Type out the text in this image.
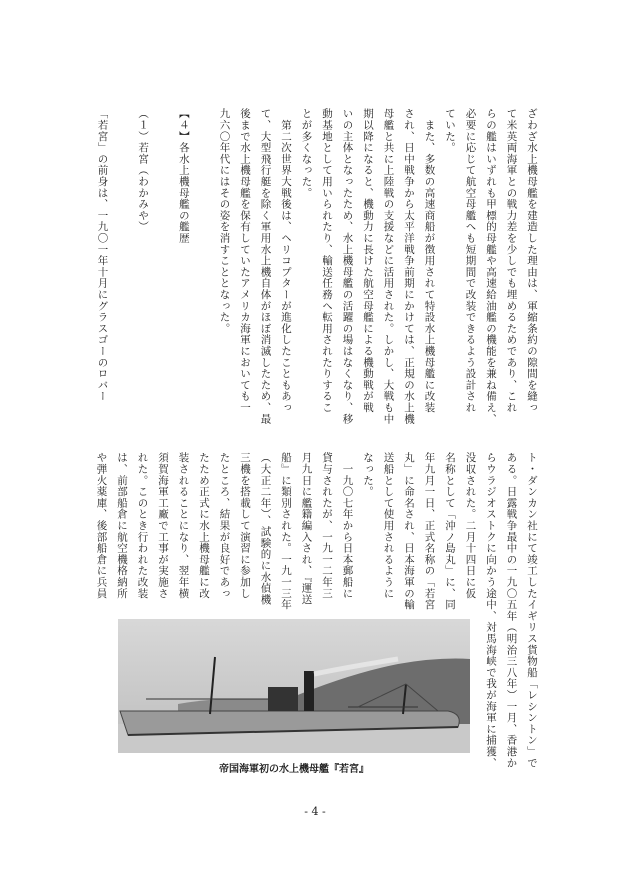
ざわざ水上機母艦を建造した理由は、軍縮条約の隙間を縫っ
て米英両海軍との戦力差を少しでも埋めるためであり、これ
らの艦はいずれも甲標的母艦や高速給油艦の機能を兼ね備え、
必要に応じて航空母艦へも短期間で改装できるよう設計され
ていた。
　また、多数の高速商船が徴用されて特設水上機母艦に改装
され、日中戦争から太平洋戦争前期にかけては、正規の水上機
母艦と共に上陸戦の支援などに活用された。しかし、大戦も中
期以降になると、機動力に長けた航空母艦による機動戦が戦
いの主体となったため、水上機母艦の活躍の場はなくなり、移
動基地として用いられたり、輸送任務へ転用されたりするこ
とが多くなった。
　第二次世界大戦後は、ヘリコプターが進化したこともあっ
て、大型飛行艇を除く軍用水上機自体がほぼ消滅したため、最
後まで水上機母艦を保有していたアメリカ海軍においても一
九六〇年代にはその姿を消すこととなった。
【４】各水上機母艦の艦歴
（１）若宮（わかみや）
「若宮」の前身は、一九〇一年十月にグラスゴーのロバー
ト・ダンカン社にて竣工したイギリス貨物船「レシントン」で
ある。日露戦争最中の一九〇五年（明治三八年）一月、香港か
らウラジオストクに向かう途中、対馬海峡で我が海軍に捕獲、
没収された。二月十四日に仮
名称として「沖ノ島丸」に、同
年九月一日、正式名称の「若宮
丸」に命名され、日本海軍の輸
送船として使用されるように
なった。
　一九〇七年から日本郵船に
貸与されたが、一九一二年三
月九日に艦籍編入され、『運送
船』に類別された。一九一三年
（大正二年）、試験的に水偵機
三機を搭載して演習に参加し
たところ、結果が良好であっ
たため正式に水上機母艦に改
装されることになり、翌年横
須賀海軍工廠で工事が実施さ
れた。このとき行われた改装
は、前部船倉に航空機格納所
や弾火薬庫、後部船倉に兵員
帝国海軍初の水上機母艦『若宮』
- 4 -
